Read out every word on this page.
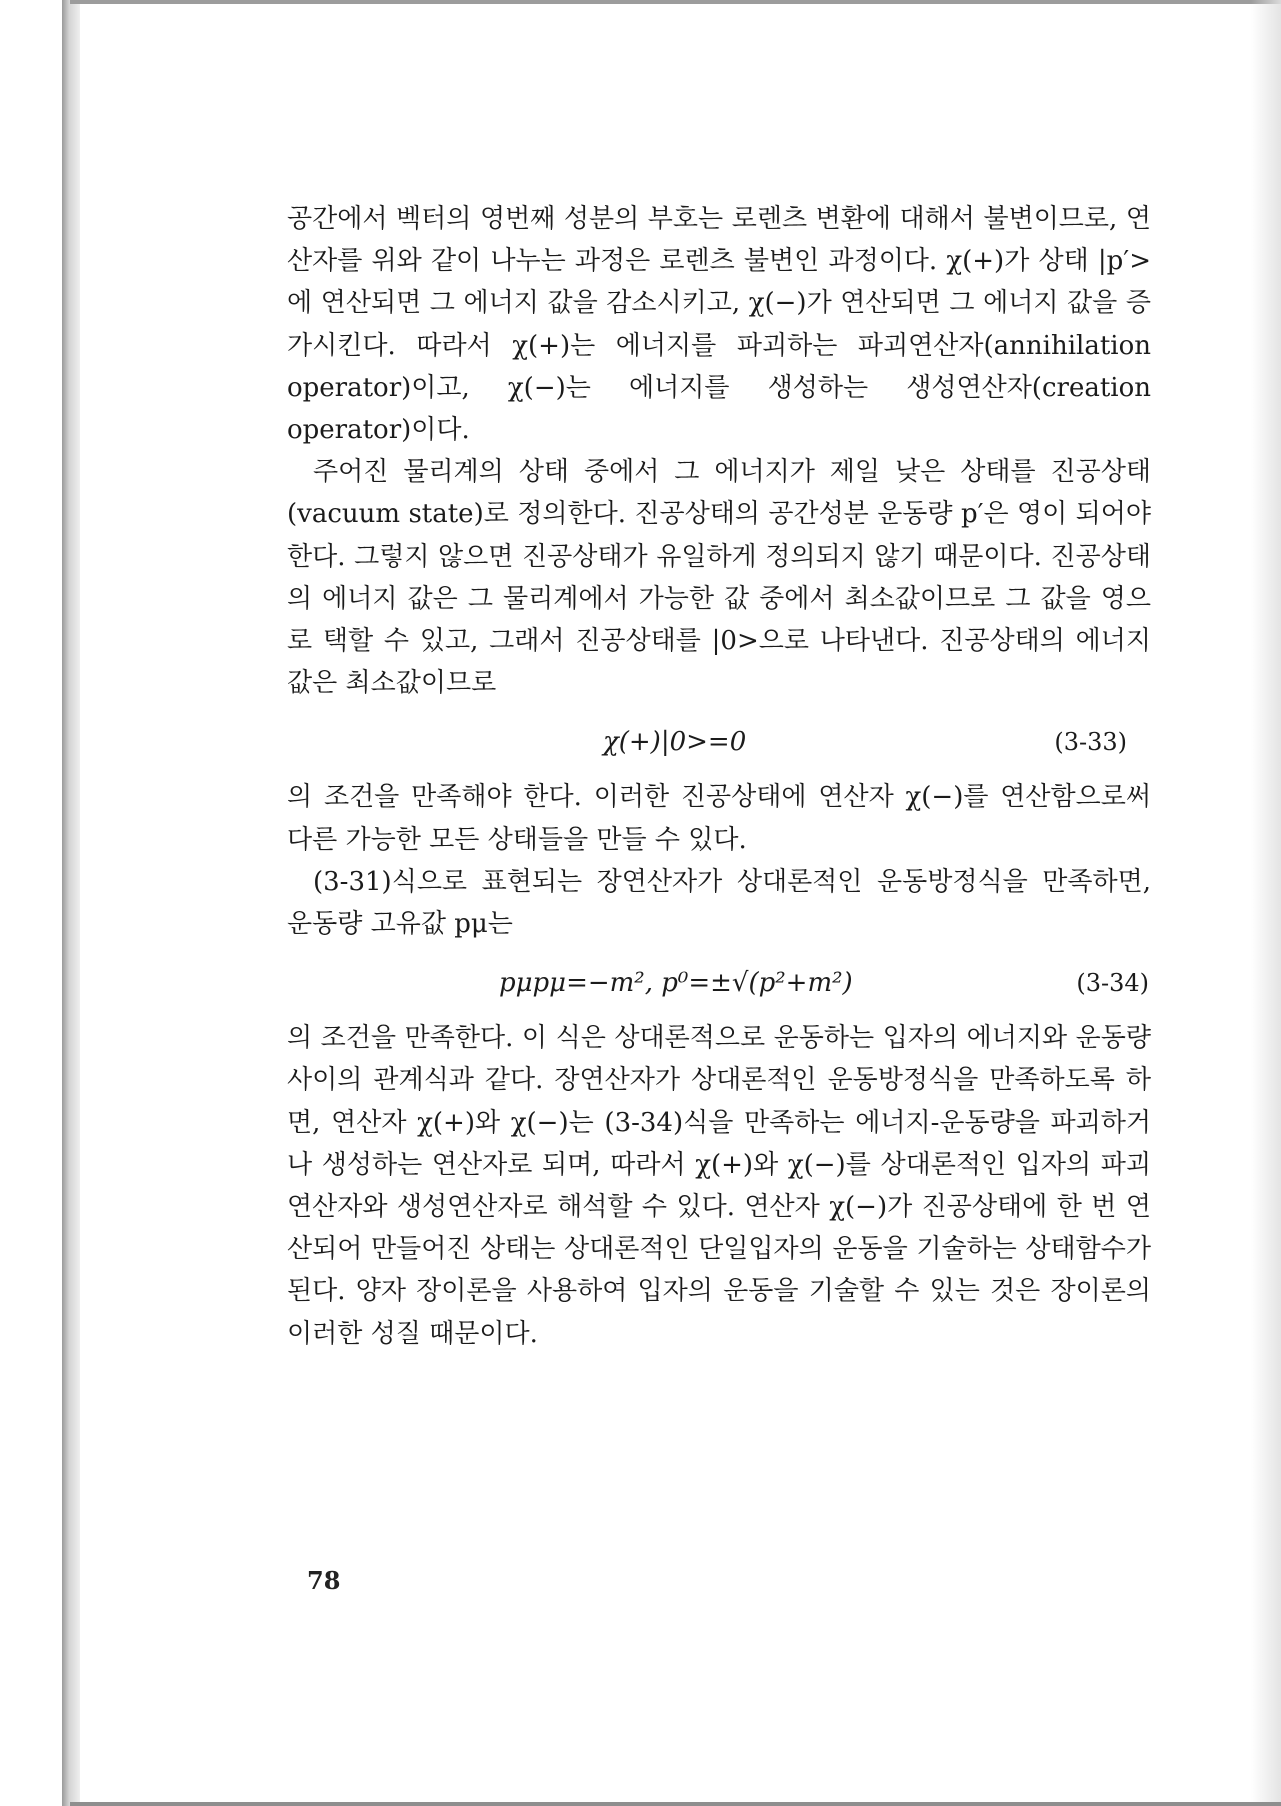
공간에서 벡터의 영번째 성분의 부호는 로렌츠 변환에 대해서 불변이므로, 연산자를 위와 같이 나누는 과정은 로렌츠 불변인 과정이다. χ(+)가 상태 |p′>에 연산되면 그 에너지 값을 감소시키고, χ(−)가 연산되면 그 에너지 값을 증가시킨다. 따라서 χ(+)는 에너지를 파괴하는 파괴연산자(annihilation operator)이고, χ(−)는 에너지를 생성하는 생성연산자(creation operator)이다.

주어진 물리계의 상태 중에서 그 에너지가 제일 낮은 상태를 진공상태(vacuum state)로 정의한다. 진공상태의 공간성분 운동량 p′은 영이 되어야 한다. 그렇지 않으면 진공상태가 유일하게 정의되지 않기 때문이다. 진공상태의 에너지 값은 그 물리계에서 가능한 값 중에서 최소값이므로 그 값을 영으로 택할 수 있고, 그래서 진공상태를 |0>으로 나타낸다. 진공상태의 에너지 값은 최소값이므로

χ(+)|0>=0	(3-33)

의 조건을 만족해야 한다. 이러한 진공상태에 연산자 χ(−)를 연산함으로써 다른 가능한 모든 상태들을 만들 수 있다.

(3-31)식으로 표현되는 장연산자가 상대론적인 운동방정식을 만족하면, 운동량 고유값 pμ는

pμpμ=−m², p⁰=±√(p²+m²)	(3-34)

의 조건을 만족한다. 이 식은 상대론적으로 운동하는 입자의 에너지와 운동량 사이의 관계식과 같다. 장연산자가 상대론적인 운동방정식을 만족하도록 하면, 연산자 χ(+)와 χ(−)는 (3-34)식을 만족하는 에너지-운동량을 파괴하거나 생성하는 연산자로 되며, 따라서 χ(+)와 χ(−)를 상대론적인 입자의 파괴연산자와 생성연산자로 해석할 수 있다. 연산자 χ(−)가 진공상태에 한 번 연산되어 만들어진 상태는 상대론적인 단일입자의 운동을 기술하는 상태함수가 된다. 양자 장이론을 사용하여 입자의 운동을 기술할 수 있는 것은 장이론의 이러한 성질 때문이다.

78
